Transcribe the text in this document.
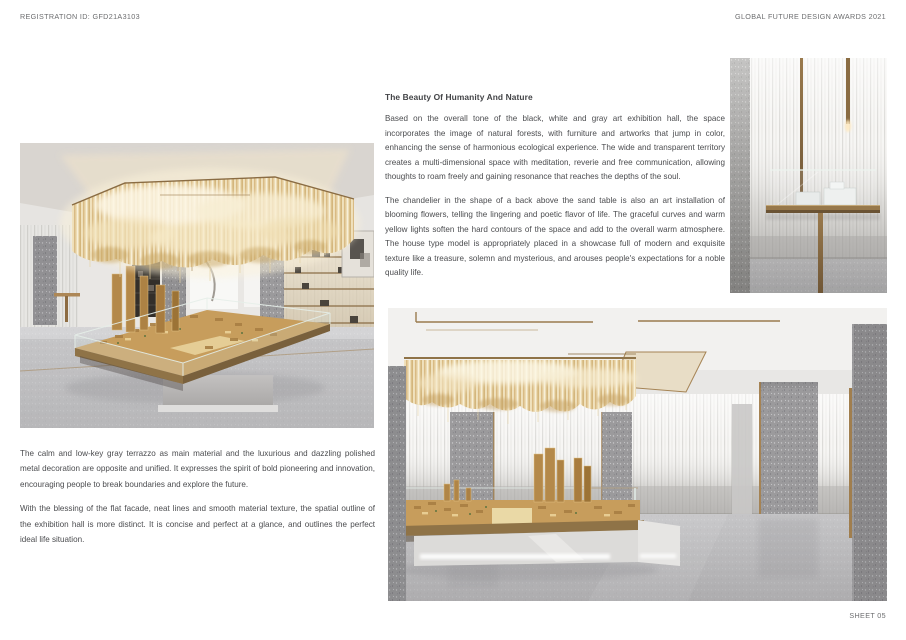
REGISTRATION ID: GFD21A3103	GLOBAL FUTURE DESIGN AWARDS 2021
The Beauty Of Humanity And Nature

Based on the overall tone of the black, white and gray art exhibition hall, the space incorporates the image of natural forests, with furniture and artworks that jump in color, enhancing the sense of harmonious ecological experience. The wide and transparent territory creates a multi-dimensional space with meditation, reverie and free communication, allowing thoughts to roam freely and gaining resonance that reaches the depths of the soul.

The chandelier in the shape of a back above the sand table is also an art installation of blooming flowers, telling the lingering and poetic flavor of life. The graceful curves and warm yellow lights soften the hard contours of the space and add to the overall warm atmosphere. The house type model is appropriately placed in a showcase full of modern and exquisite texture like a treasure, solemn and mysterious, and arouses people's expectations for a noble quality life.

The calm and low-key gray terrazzo as main material and the luxurious and dazzling polished metal decoration are opposite and unified. It expresses the spirit of bold pioneering and innovation, encouraging people to break boundaries and explore the future.

With the blessing of the flat facade, neat lines and smooth material texture, the spatial outline of the exhibition hall is more distinct. It is concise and perfect at a glance, and outlines the perfect ideal life situation.

SHEET 05
